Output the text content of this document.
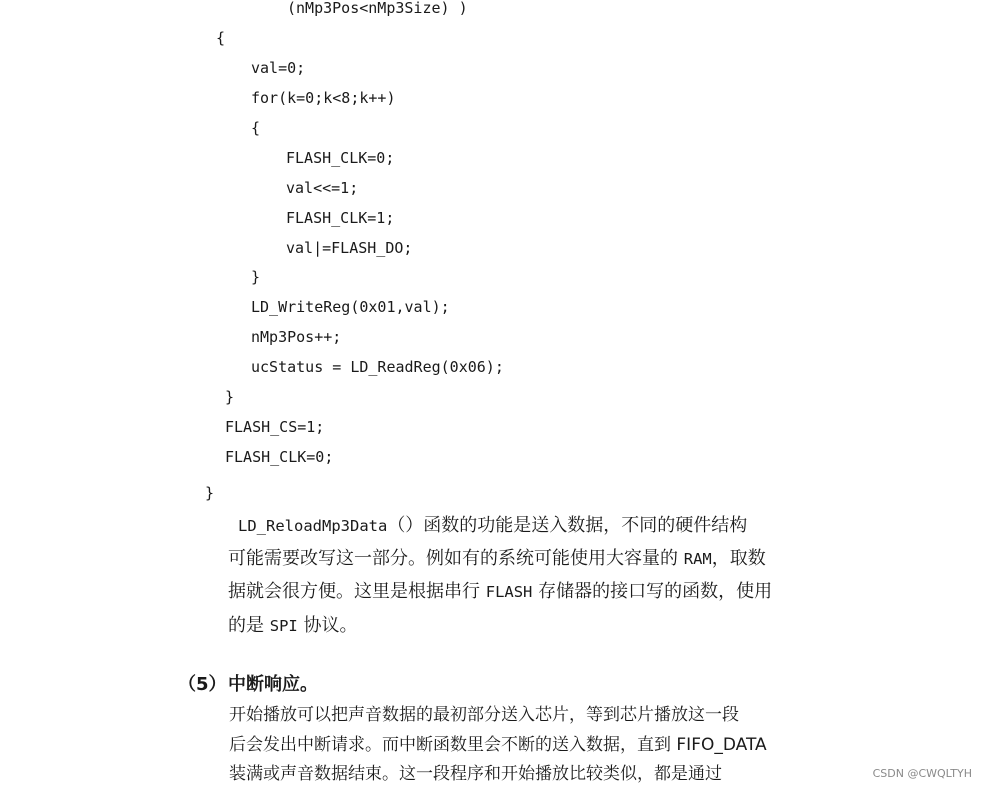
(nMp3Pos<nMp3Size) )
{
val=0;
for(k=0;k<8;k++)
{
FLASH_CLK=0;
val<<=1;
FLASH_CLK=1;
val|=FLASH_DO;
}
LD_WriteReg(0x01,val);
nMp3Pos++;
ucStatus = LD_ReadReg(0x06);
}
FLASH_CS=1;
FLASH_CLK=0;
}
LD_ReloadMp3Data（）函数的功能是送入数据，不同的硬件结构
可能需要改写这一部分。例如有的系统可能使用大容量的 RAM，取数
据就会很方便。这里是根据串行 FLASH 存储器的接口写的函数，使用
的是 SPI 协议。
（5）中断响应。
开始播放可以把声音数据的最初部分送入芯片，等到芯片播放这一段
后会发出中断请求。而中断函数里会不断的送入数据，直到 FIFO_DATA
装满或声音数据结束。这一段程序和开始播放比较类似，都是通过	CSDN @CWQLTYH
